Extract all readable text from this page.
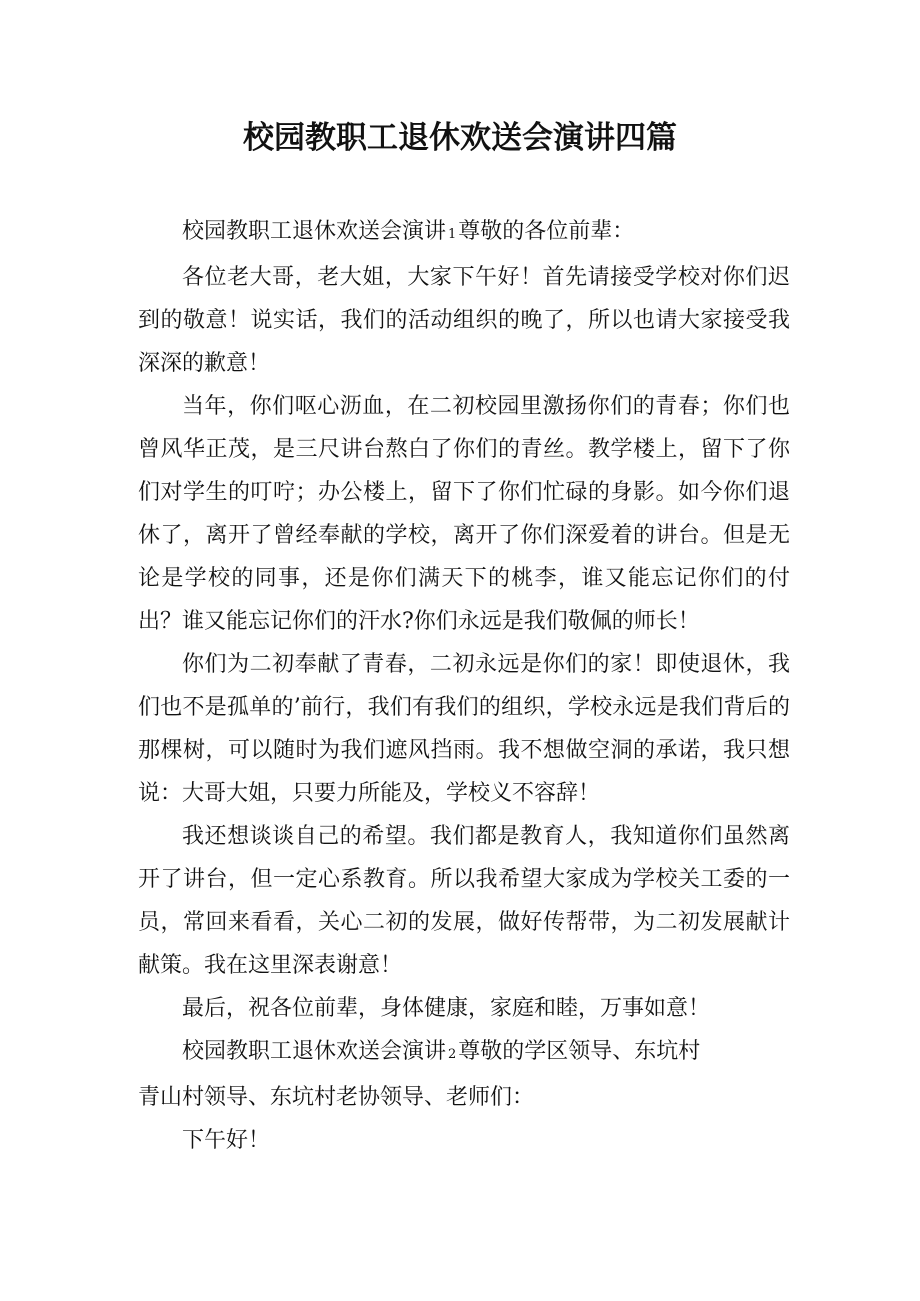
校园教职工退休欢送会演讲四篇

校园教职工退休欢送会演讲 1尊敬的各位前辈：

各位老大哥，老大姐，大家下午好！首先请接受学校对你们迟到的敬意！说实话，我们的活动组织的晚了，所以也请大家接受我深深的歉意！

当年，你们呕心沥血，在二初校园里激扬你们的青春；你们也曾风华正茂，是三尺讲台熬白了你们的青丝。教学楼上，留下了你们对学生的叮咛；办公楼上，留下了你们忙碌的身影。如今你们退休了，离开了曾经奉献的学校，离开了你们深爱着的讲台。但是无论是学校的同事，还是你们满天下的桃李，谁又能忘记你们的付出？谁又能忘记你们的汗水?你们永远是我们敬佩的师长！

你们为二初奉献了青春，二初永远是你们的家！即使退休，我们也不是孤单的’前行，我们有我们的组织，学校永远是我们背后的那棵树，可以随时为我们遮风挡雨。我不想做空洞的承诺，我只想说：大哥大姐，只要力所能及，学校义不容辞！

我还想谈谈自己的希望。我们都是教育人，我知道你们虽然离开了讲台，但一定心系教育。所以我希望大家成为学校关工委的一员，常回来看看，关心二初的发展，做好传帮带，为二初发展献计献策。我在这里深表谢意！

最后，祝各位前辈，身体健康，家庭和睦，万事如意！

校园教职工退休欢送会演讲 2尊敬的学区领导、东坑村

青山村领导、东坑村老协领导、老师们：

下午好！
